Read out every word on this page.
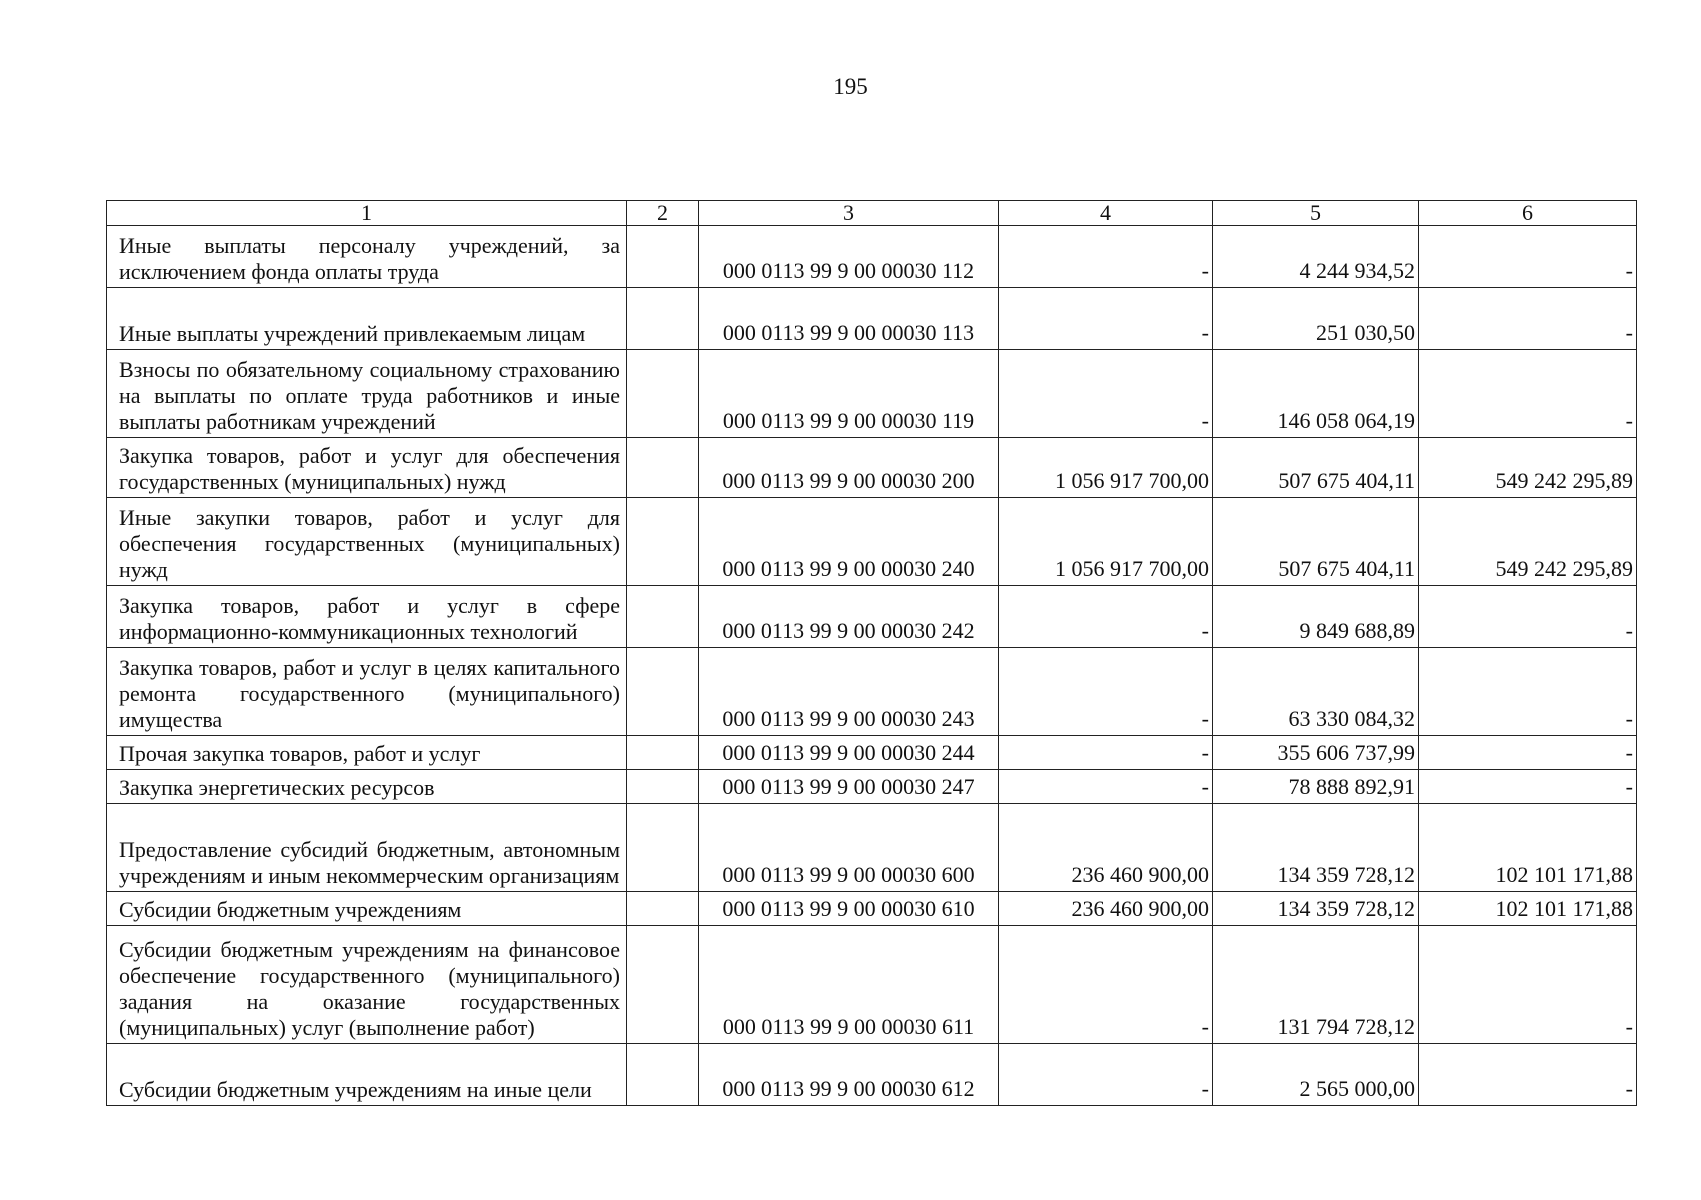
195
1	2	3	4	5	6
Иные выплаты персоналу учреждений, за исключением фонда оплаты труда		000 0113 99 9 00 00030 112	-	4 244 934,52	-
Иные выплаты учреждений привлекаемым лицам		000 0113 99 9 00 00030 113	-	251 030,50	-
Взносы по обязательному социальному страхованию на выплаты по оплате труда работников и иные выплаты работникам учреждений		000 0113 99 9 00 00030 119	-	146 058 064,19	-
Закупка товаров, работ и услуг для обеспечения государственных (муниципальных) нужд		000 0113 99 9 00 00030 200	1 056 917 700,00	507 675 404,11	549 242 295,89
Иные закупки товаров, работ и услуг для обеспечения государственных (муниципальных) нужд		000 0113 99 9 00 00030 240	1 056 917 700,00	507 675 404,11	549 242 295,89
Закупка товаров, работ и услуг в сфере информационно-коммуникационных технологий		000 0113 99 9 00 00030 242	-	9 849 688,89	-
Закупка товаров, работ и услуг в целях капитального ремонта государственного (муниципального) имущества		000 0113 99 9 00 00030 243	-	63 330 084,32	-
Прочая закупка товаров, работ и услуг		000 0113 99 9 00 00030 244	-	355 606 737,99	-
Закупка энергетических ресурсов		000 0113 99 9 00 00030 247	-	78 888 892,91	-
Предоставление субсидий бюджетным, автономным учреждениям и иным некоммерческим организациям		000 0113 99 9 00 00030 600	236 460 900,00	134 359 728,12	102 101 171,88
Субсидии бюджетным учреждениям		000 0113 99 9 00 00030 610	236 460 900,00	134 359 728,12	102 101 171,88
Субсидии бюджетным учреждениям на финансовое обеспечение государственного (муниципального) задания на оказание государственных (муниципальных) услуг (выполнение работ)		000 0113 99 9 00 00030 611	-	131 794 728,12	-
Субсидии бюджетным учреждениям на иные цели		000 0113 99 9 00 00030 612	-	2 565 000,00	-
